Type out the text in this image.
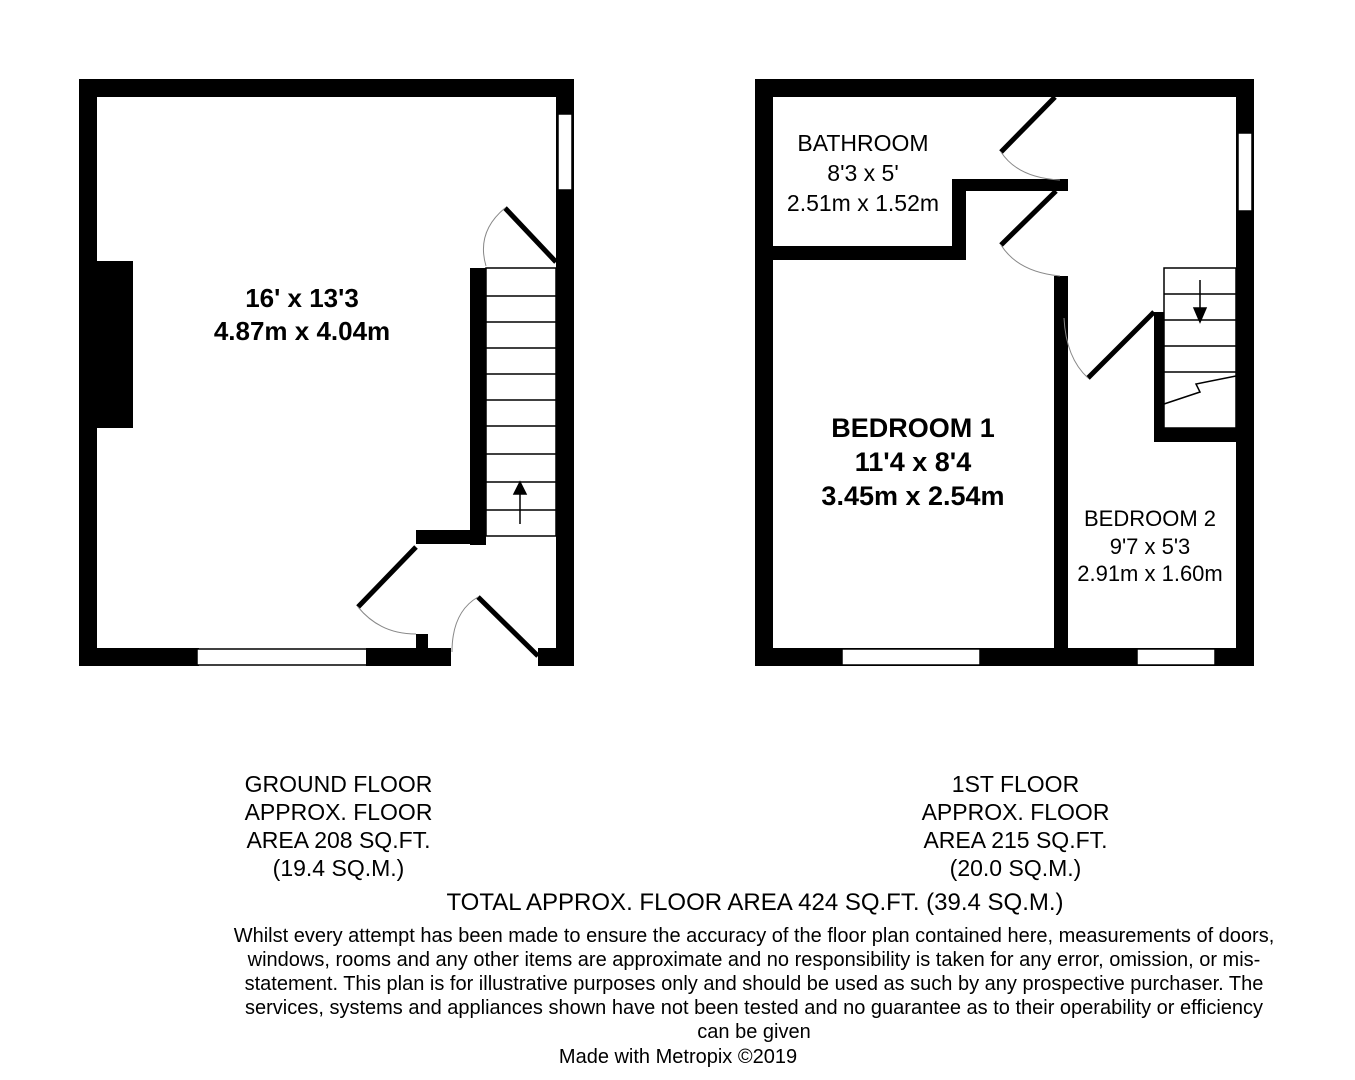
16' x 13'3
4.87m x 4.04m
BATHROOM
8'3 x 5'
2.51m x 1.52m
BEDROOM 1
11'4 x 8'4
3.45m x 2.54m
BEDROOM 2
9'7 x 5'3
2.91m x 1.60m
GROUND FLOOR
APPROX. FLOOR
AREA 208 SQ.FT.
(19.4 SQ.M.)
1ST FLOOR
APPROX. FLOOR
AREA 215 SQ.FT.
(20.0 SQ.M.)
TOTAL APPROX. FLOOR AREA 424 SQ.FT. (39.4 SQ.M.)
Whilst every attempt has been made to ensure the accuracy of the floor plan contained here, measurements of doors, windows, rooms and any other items are approximate and no responsibility is taken for any error, omission, or mis-statement. This plan is for illustrative purposes only and should be used as such by any prospective purchaser. The services, systems and appliances shown have not been tested and no guarantee as to their operability or efficiency can be given
Made with Metropix ©2019
